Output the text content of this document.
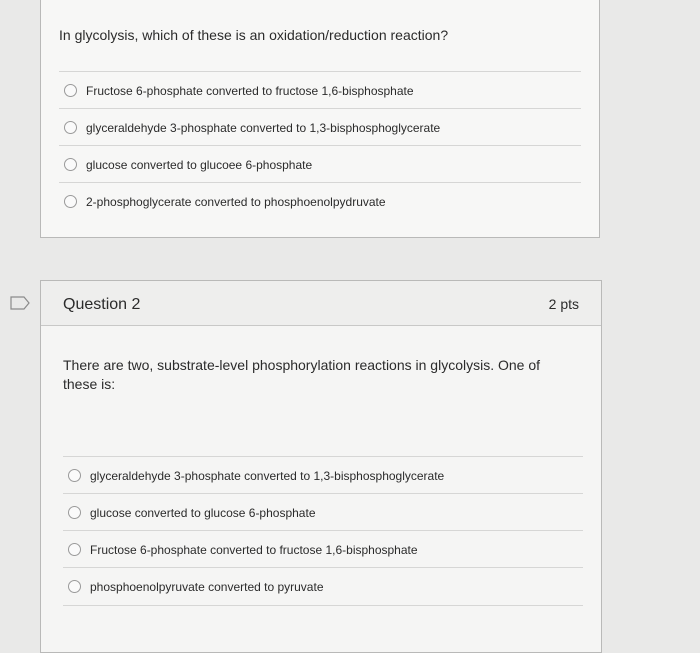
In glycolysis, which of these is an oxidation/reduction reaction?
Fructose 6-phosphate converted to fructose 1,6-bisphosphate
glyceraldehyde 3-phosphate converted to 1,3-bisphosphoglycerate
glucose converted to glucoee 6-phosphate
2-phosphoglycerate converted to phosphoenolpydruvate
Question 2	2 pts
There are two, substrate-level phosphorylation reactions in glycolysis. One of these is:
glyceraldehyde 3-phosphate converted to 1,3-bisphosphoglycerate
glucose converted to glucose 6-phosphate
Fructose 6-phosphate converted to fructose 1,6-bisphosphate
phosphoenolpyruvate converted to pyruvate
